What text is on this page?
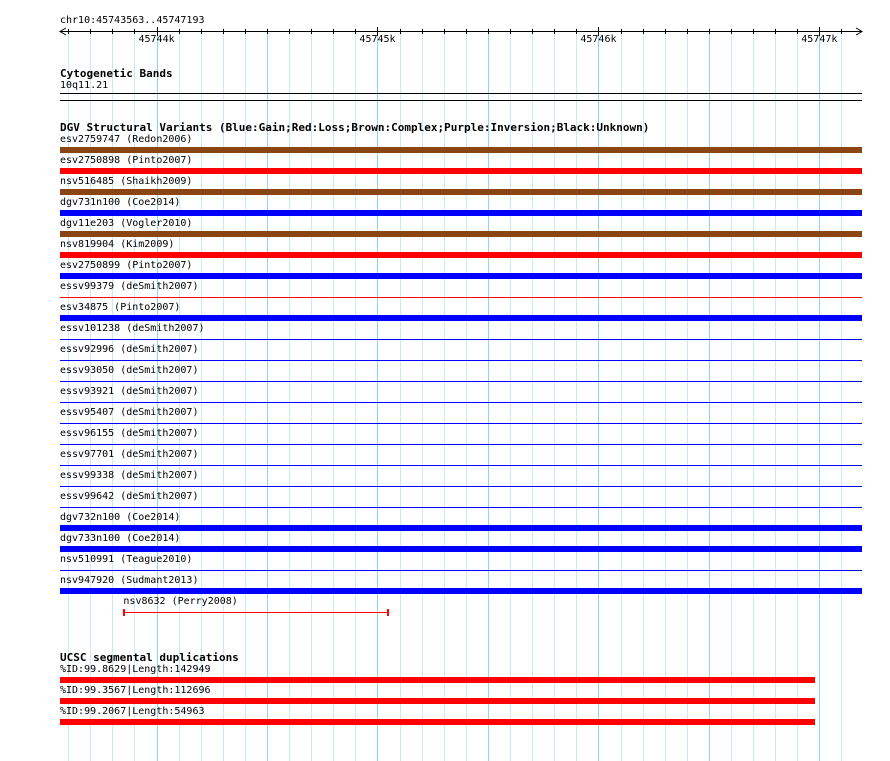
chr10:45743563..45747193
45744k	45745k	45746k	45747k
Cytogenetic Bands
10q11.21
DGV Structural Variants (Blue:Gain;Red:Loss;Brown:Complex;Purple:Inversion;Black:Unknown)
esv2759747 (Redon2006)
esv2750898 (Pinto2007)
nsv516485 (Shaikh2009)
dgv731n100 (Coe2014)
dgv11e203 (Vogler2010)
nsv819904 (Kim2009)
esv2750899 (Pinto2007)
essv99379 (deSmith2007)
esv34875 (Pinto2007)
essv101238 (deSmith2007)
essv92996 (deSmith2007)
essv93050 (deSmith2007)
essv93921 (deSmith2007)
essv95407 (deSmith2007)
essv96155 (deSmith2007)
essv97701 (deSmith2007)
essv99338 (deSmith2007)
essv99642 (deSmith2007)
dgv732n100 (Coe2014)
dgv733n100 (Coe2014)
nsv510991 (Teague2010)
nsv947920 (Sudmant2013)
nsv8632 (Perry2008)
UCSC segmental duplications
%ID:99.8629|Length:142949
%ID:99.3567|Length:112696
%ID:99.2067|Length:54963
